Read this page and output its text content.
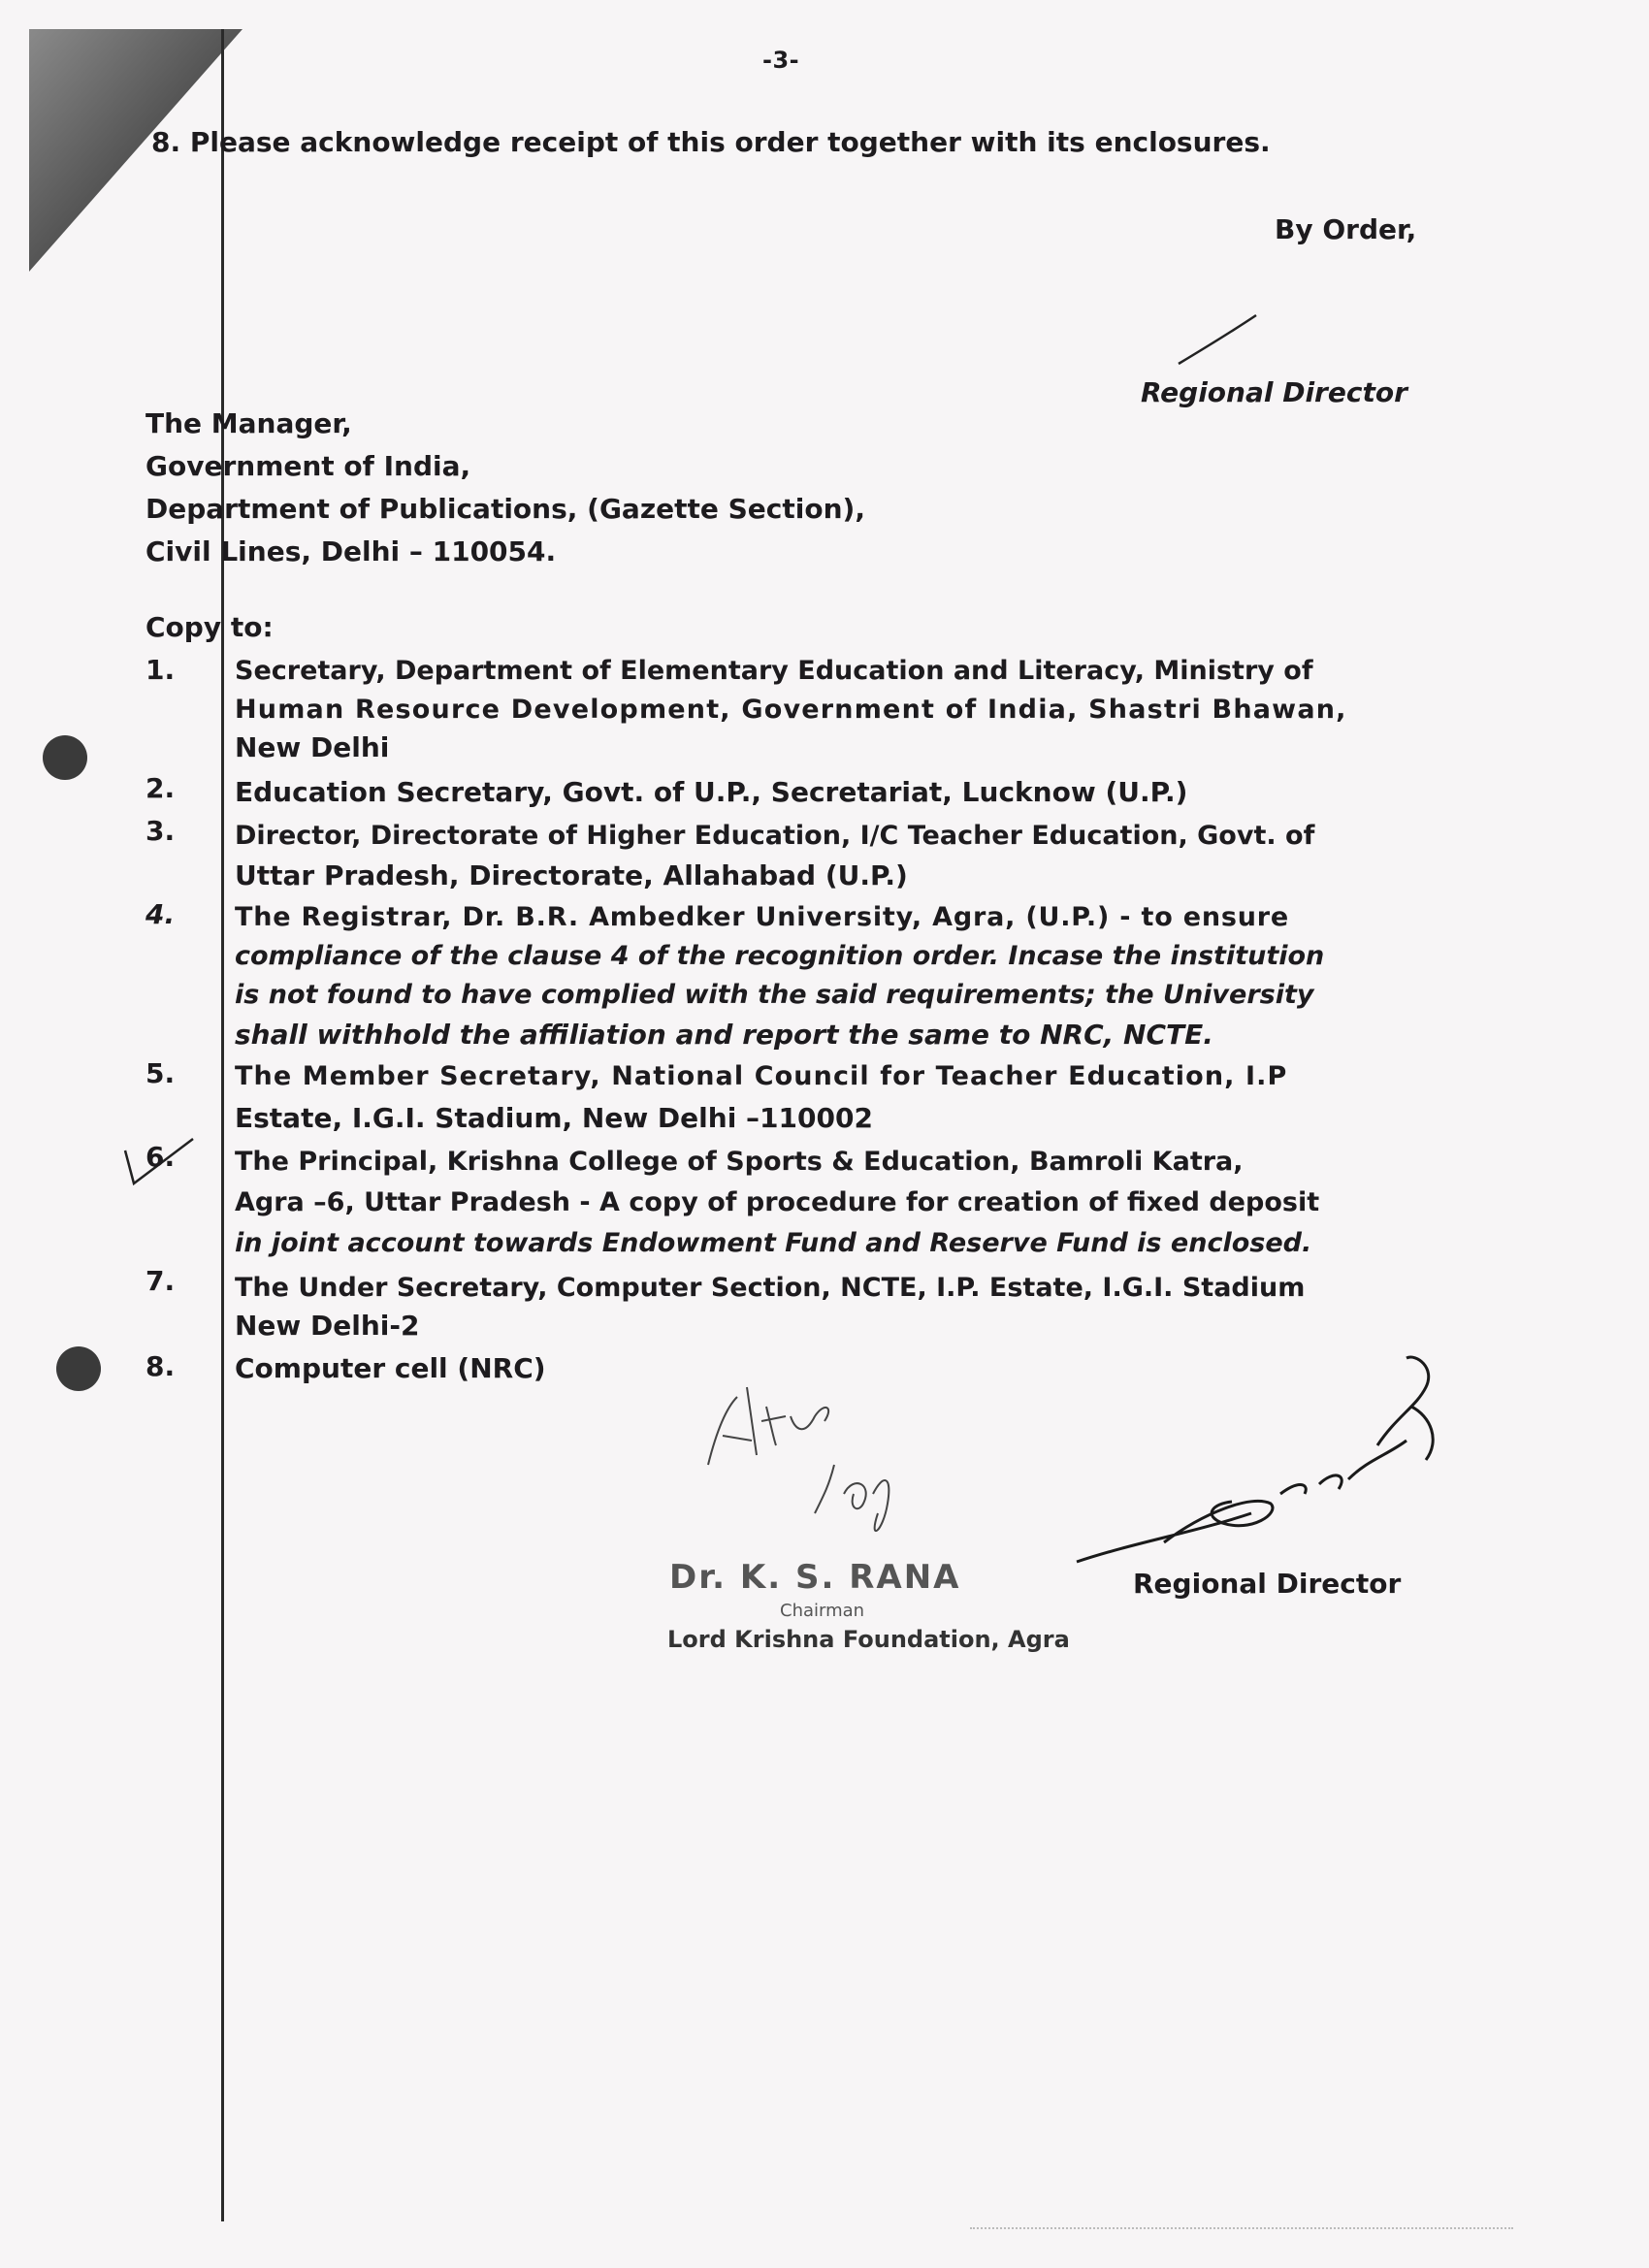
-3-
8. Please acknowledge receipt of this order together with its enclosures.
By Order,
Regional Director
The Manager,
Government of India,
Department of Publications, (Gazette Section),
Civil Lines, Delhi – 110054.
Copy to:
1. Secretary, Department of Elementary Education and Literacy, Ministry of
Human Resource Development, Government of India, Shastri Bhawan,
New Delhi
2. Education Secretary, Govt. of U.P., Secretariat, Lucknow (U.P.)
3. Director, Directorate of Higher Education, I/C Teacher Education, Govt. of
Uttar Pradesh, Directorate, Allahabad (U.P.)
4. The Registrar, Dr. B.R. Ambedker University, Agra, (U.P.) - to ensure
compliance of the clause 4 of the recognition order. Incase the institution
is not found to have complied with the said requirements; the University
shall withhold the affiliation and report the same to NRC, NCTE.
5. The Member Secretary, National Council for Teacher Education, I.P
Estate, I.G.I. Stadium, New Delhi –110002
6. The Principal, Krishna College of Sports & Education, Bamroli Katra,
Agra –6, Uttar Pradesh - A copy of procedure for creation of fixed deposit
in joint account towards Endowment Fund and Reserve Fund is enclosed.
7. The Under Secretary, Computer Section, NCTE, I.P. Estate, I.G.I. Stadium
New Delhi-2
8. Computer cell (NRC)
Dr. K. S. RANA
Chairman
Lord Krishna Foundation, Agra
Regional Director
